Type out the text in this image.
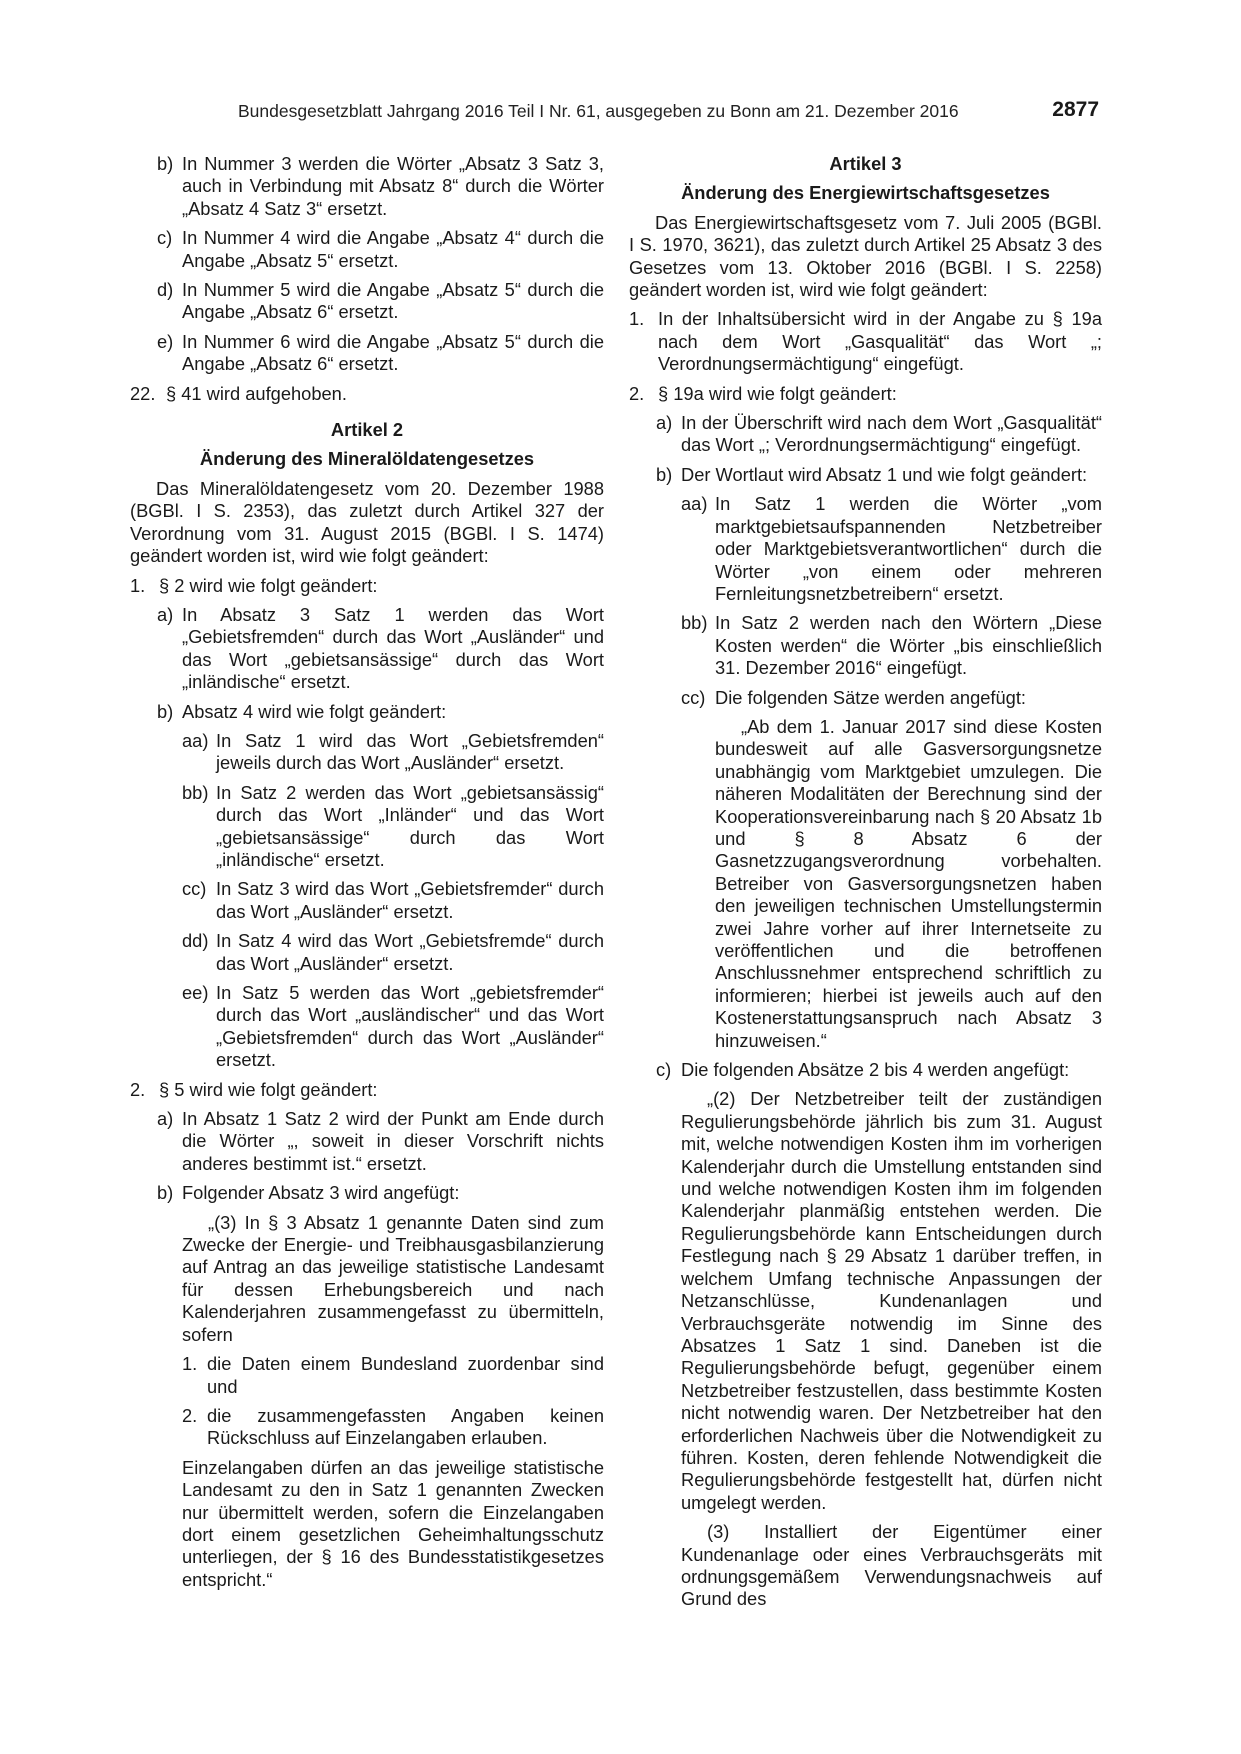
Bundesgesetzblatt Jahrgang 2016 Teil I Nr. 61, ausgegeben zu Bonn am 21. Dezember 2016	2877
b) In Nummer 3 werden die Wörter „Absatz 3 Satz 3, auch in Verbindung mit Absatz 8“ durch die Wörter „Absatz 4 Satz 3“ ersetzt.
c) In Nummer 4 wird die Angabe „Absatz 4“ durch die Angabe „Absatz 5“ ersetzt.
d) In Nummer 5 wird die Angabe „Absatz 5“ durch die Angabe „Absatz 6“ ersetzt.
e) In Nummer 6 wird die Angabe „Absatz 5“ durch die Angabe „Absatz 6“ ersetzt.
22. § 41 wird aufgehoben.
Artikel 2
Änderung des Mineralöldatengesetzes
Das Mineralöldatengesetz vom 20. Dezember 1988 (BGBl. I S. 2353), das zuletzt durch Artikel 327 der Verordnung vom 31. August 2015 (BGBl. I S. 1474) geändert worden ist, wird wie folgt geändert:
1. § 2 wird wie folgt geändert:
a) In Absatz 3 Satz 1 werden das Wort „Gebietsfremden“ durch das Wort „Ausländer“ und das Wort „gebietsansässige“ durch das Wort „inländische“ ersetzt.
b) Absatz 4 wird wie folgt geändert:
aa) In Satz 1 wird das Wort „Gebietsfremden“ jeweils durch das Wort „Ausländer“ ersetzt.
bb) In Satz 2 werden das Wort „gebietsansässig“ durch das Wort „Inländer“ und das Wort „gebietsansässige“ durch das Wort „inländische“ ersetzt.
cc) In Satz 3 wird das Wort „Gebietsfremder“ durch das Wort „Ausländer“ ersetzt.
dd) In Satz 4 wird das Wort „Gebietsfremde“ durch das Wort „Ausländer“ ersetzt.
ee) In Satz 5 werden das Wort „gebietsfremder“ durch das Wort „ausländischer“ und das Wort „Gebietsfremden“ durch das Wort „Ausländer“ ersetzt.
2. § 5 wird wie folgt geändert:
a) In Absatz 1 Satz 2 wird der Punkt am Ende durch die Wörter „, soweit in dieser Vorschrift nichts anderes bestimmt ist.“ ersetzt.
b) Folgender Absatz 3 wird angefügt:
„(3) In § 3 Absatz 1 genannte Daten sind zum Zwecke der Energie- und Treibhausgasbilanzierung auf Antrag an das jeweilige statistische Landesamt für dessen Erhebungsbereich und nach Kalenderjahren zusammengefasst zu übermitteln, sofern
1. die Daten einem Bundesland zuordenbar sind und
2. die zusammengefassten Angaben keinen Rückschluss auf Einzelangaben erlauben.
Einzelangaben dürfen an das jeweilige statistische Landesamt zu den in Satz 1 genannten Zwecken nur übermittelt werden, sofern die Einzelangaben dort einem gesetzlichen Geheimhaltungsschutz unterliegen, der § 16 des Bundesstatistikgesetzes entspricht.“
Artikel 3
Änderung des Energiewirtschaftsgesetzes
Das Energiewirtschaftsgesetz vom 7. Juli 2005 (BGBl. I S. 1970, 3621), das zuletzt durch Artikel 25 Absatz 3 des Gesetzes vom 13. Oktober 2016 (BGBl. I S. 2258) geändert worden ist, wird wie folgt geändert:
1. In der Inhaltsübersicht wird in der Angabe zu § 19a nach dem Wort „Gasqualität“ das Wort „; Verordnungsermächtigung“ eingefügt.
2. § 19a wird wie folgt geändert:
a) In der Überschrift wird nach dem Wort „Gasqualität“ das Wort „; Verordnungsermächtigung“ eingefügt.
b) Der Wortlaut wird Absatz 1 und wie folgt geändert:
aa) In Satz 1 werden die Wörter „vom marktgebietsaufspannenden Netzbetreiber oder Marktgebietsverantwortlichen“ durch die Wörter „von einem oder mehreren Fernleitungsnetzbetreibern“ ersetzt.
bb) In Satz 2 werden nach den Wörtern „Diese Kosten werden“ die Wörter „bis einschließlich 31. Dezember 2016“ eingefügt.
cc) Die folgenden Sätze werden angefügt:
„Ab dem 1. Januar 2017 sind diese Kosten bundesweit auf alle Gasversorgungsnetze unabhängig vom Marktgebiet umzulegen. Die näheren Modalitäten der Berechnung sind der Kooperationsvereinbarung nach § 20 Absatz 1b und § 8 Absatz 6 der Gasnetzzugangsverordnung vorbehalten. Betreiber von Gasversorgungsnetzen haben den jeweiligen technischen Umstellungstermin zwei Jahre vorher auf ihrer Internetseite zu veröffentlichen und die betroffenen Anschlussnehmer entsprechend schriftlich zu informieren; hierbei ist jeweils auch auf den Kostenerstattungsanspruch nach Absatz 3 hinzuweisen.“
c) Die folgenden Absätze 2 bis 4 werden angefügt:
„(2) Der Netzbetreiber teilt der zuständigen Regulierungsbehörde jährlich bis zum 31. August mit, welche notwendigen Kosten ihm im vorherigen Kalenderjahr durch die Umstellung entstanden sind und welche notwendigen Kosten ihm im folgenden Kalenderjahr planmäßig entstehen werden. Die Regulierungsbehörde kann Entscheidungen durch Festlegung nach § 29 Absatz 1 darüber treffen, in welchem Umfang technische Anpassungen der Netzanschlüsse, Kundenanlagen und Verbrauchsgeräte notwendig im Sinne des Absatzes 1 Satz 1 sind. Daneben ist die Regulierungsbehörde befugt, gegenüber einem Netzbetreiber festzustellen, dass bestimmte Kosten nicht notwendig waren. Der Netzbetreiber hat den erforderlichen Nachweis über die Notwendigkeit zu führen. Kosten, deren fehlende Notwendigkeit die Regulierungsbehörde festgestellt hat, dürfen nicht umgelegt werden.
(3) Installiert der Eigentümer einer Kundenanlage oder eines Verbrauchsgeräts mit ordnungsgemäßem Verwendungsnachweis auf Grund des
